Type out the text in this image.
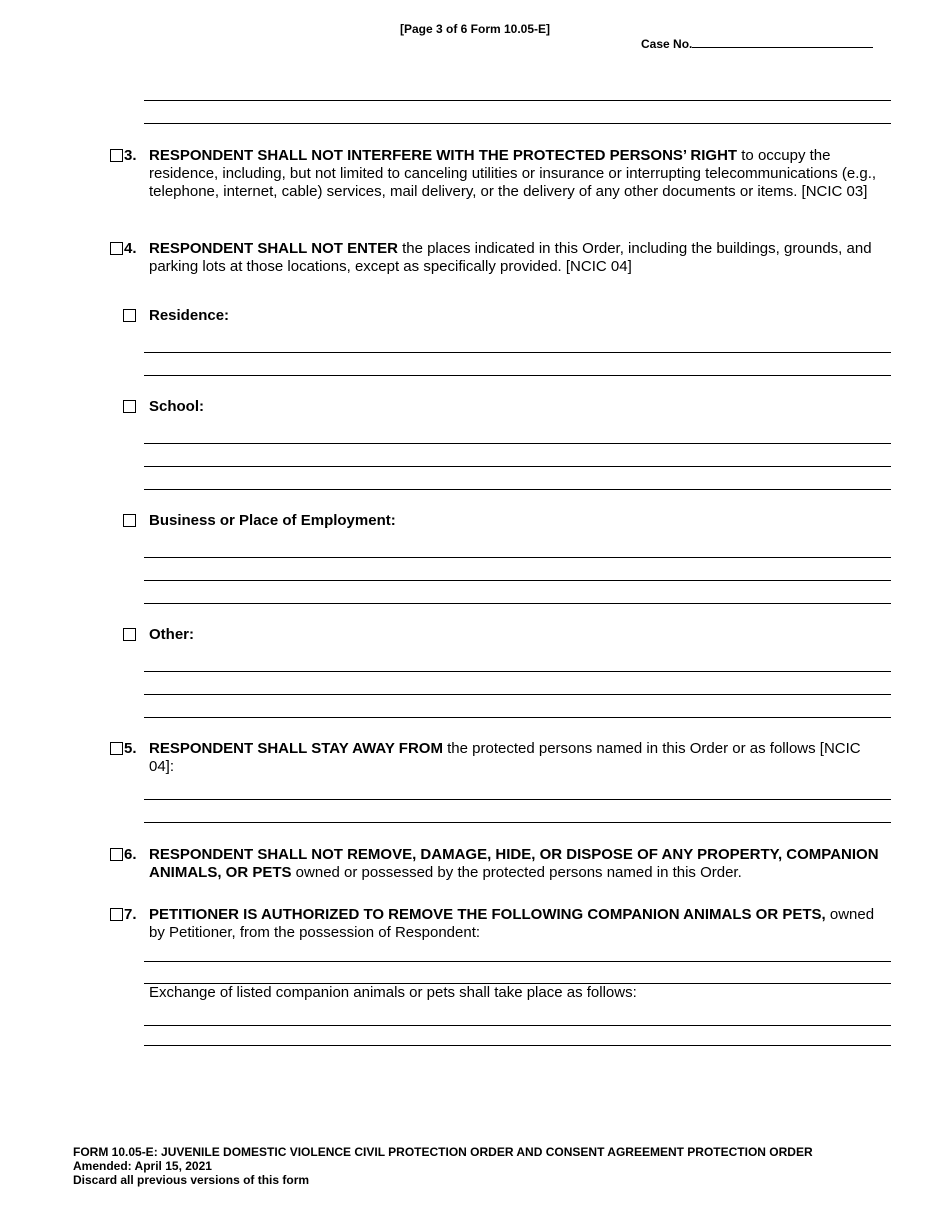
[Page 3 of 6 Form 10.05-E]
Case No.
3. RESPONDENT SHALL NOT INTERFERE WITH THE PROTECTED PERSONS’ RIGHT to occupy the residence, including, but not limited to canceling utilities or insurance or interrupting telecommunications (e.g., telephone, internet, cable) services, mail delivery, or the delivery of any other documents or items. [NCIC 03]
4. RESPONDENT SHALL NOT ENTER the places indicated in this Order, including the buildings, grounds, and parking lots at those locations, except as specifically provided. [NCIC 04]
Residence:
School:
Business or Place of Employment:
Other:
5. RESPONDENT SHALL STAY AWAY FROM the protected persons named in this Order or as follows [NCIC 04]:
6. RESPONDENT SHALL NOT REMOVE, DAMAGE, HIDE, OR DISPOSE OF ANY PROPERTY, COMPANION ANIMALS, OR PETS owned or possessed by the protected persons named in this Order.
7. PETITIONER IS AUTHORIZED TO REMOVE THE FOLLOWING COMPANION ANIMALS OR PETS, owned by Petitioner, from the possession of Respondent:
Exchange of listed companion animals or pets shall take place as follows:
FORM 10.05-E: JUVENILE DOMESTIC VIOLENCE CIVIL PROTECTION ORDER AND CONSENT AGREEMENT PROTECTION ORDER
Amended: April 15, 2021
Discard all previous versions of this form
